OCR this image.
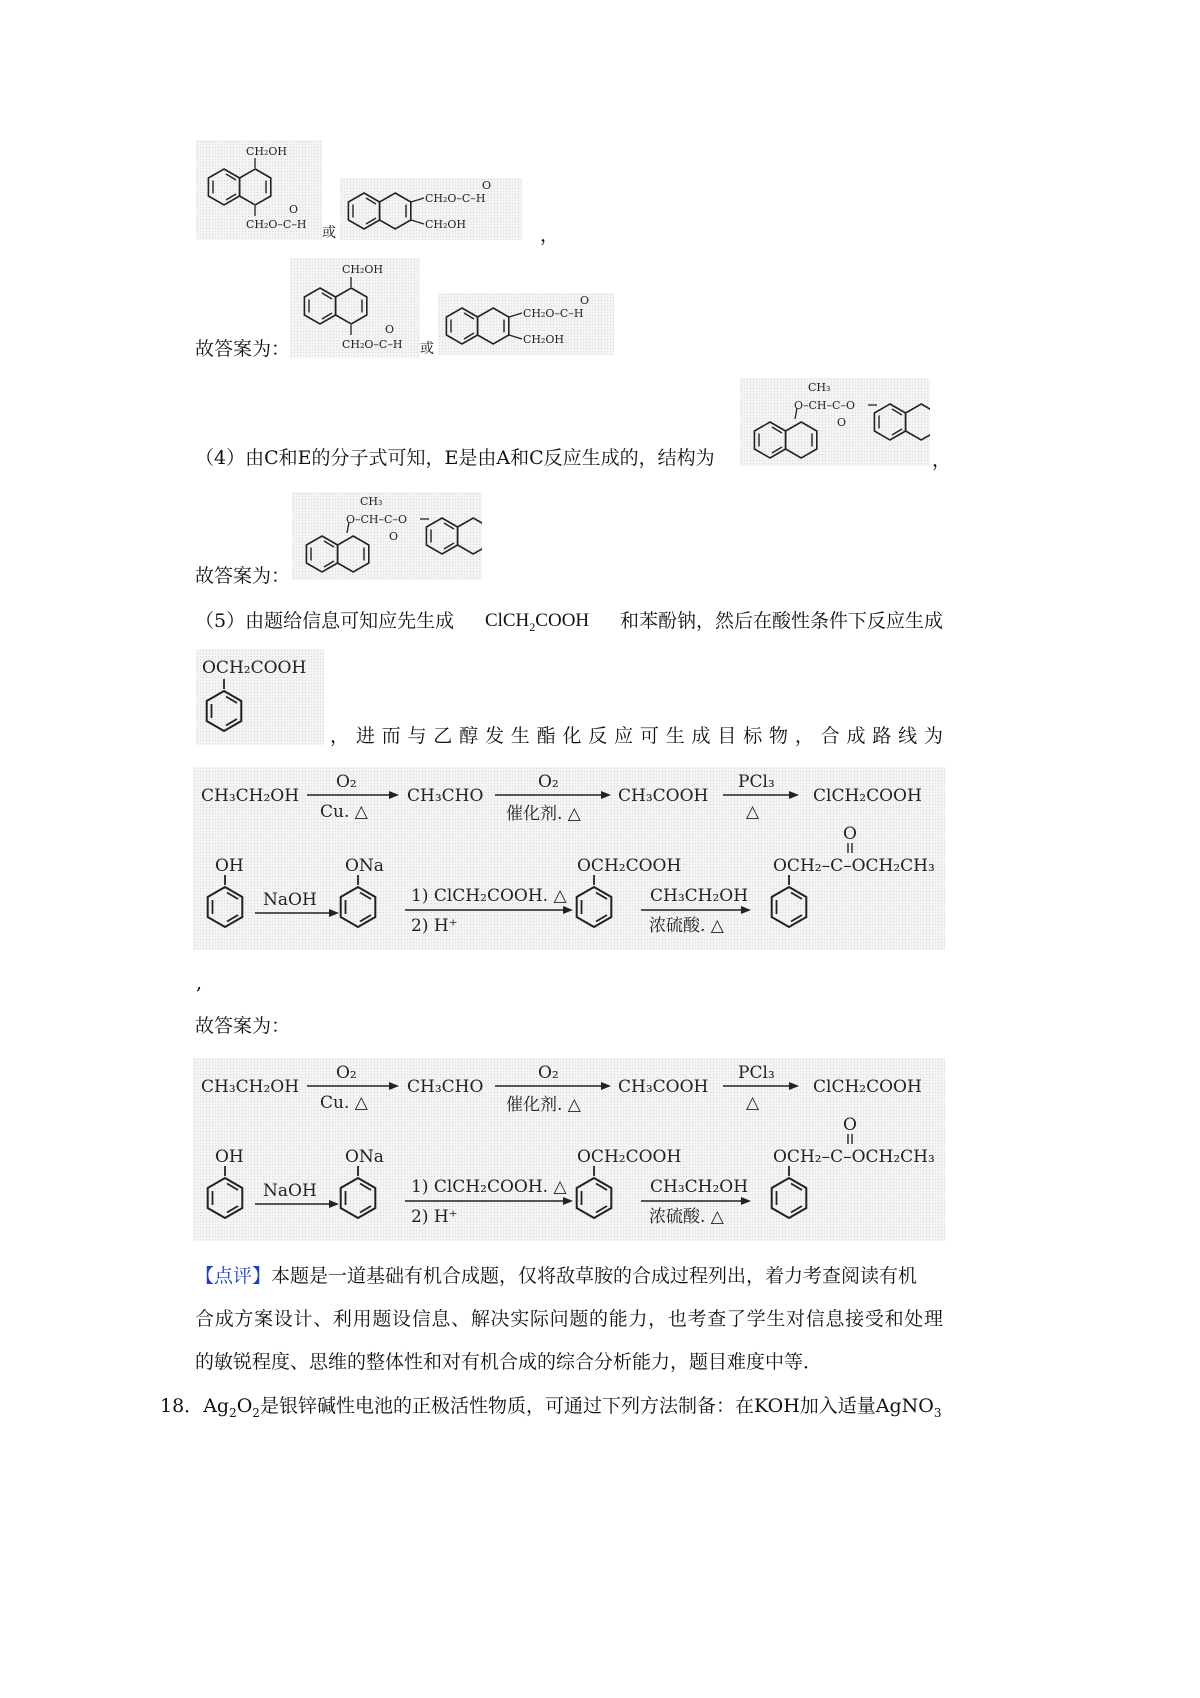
CH₂OH
CH₂O–C–H
O
或
CH₂O–C–H
CH₂OH
O
，
故答案为：
CH₂OH
CH₂O–C–H
O
或
CH₂O–C–H
CH₂OH
O
（4）由C和E的分子式可知，E是由A和C反应生成的，结构为
CH₃
O–CH–C–O
O
，
故答案为：
CH₃
O–CH–C–O
O
（5）由题给信息可知应先生成 ClCH$_2$COOH 和苯酚钠，然后在酸性条件下反应生成
OCH₂COOH
，进而与乙醇发生酯化反应可生成目标物，合成路线为
CH₃CH₂OH
O₂
Cu. △
CH₃CHO
O₂
催化剂. △
CH₃COOH
PCl₃
△
ClCH₂COOH
OH
NaOH
ONa
1) ClCH₂COOH. △
2) H⁺
OCH₂COOH
CH₃CH₂OH
浓硫酸. △
O
OCH₂–C–OCH₂CH₃
,
故答案为：
CH₃CH₂OH
O₂
Cu. △
CH₃CHO
O₂
催化剂. △
CH₃COOH
PCl₃
△
ClCH₂COOH
OH
NaOH
ONa
1) ClCH₂COOH. △
2) H⁺
OCH₂COOH
CH₃CH₂OH
浓硫酸. △
O
OCH₂–C–OCH₂CH₃
【点评】本题是一道基础有机合成题，仅将敌草胺的合成过程列出，着力考查阅读有机
合成方案设计、利用题设信息、解决实际问题的能力，也考查了学生对信息接受和处理
的敏锐程度、思维的整体性和对有机合成的综合分析能力，题目难度中等．
18．$Ag_2O_2$是银锌碱性电池的正极活性物质，可通过下列方法制备：在KOH加入适量AgNO$_3$
